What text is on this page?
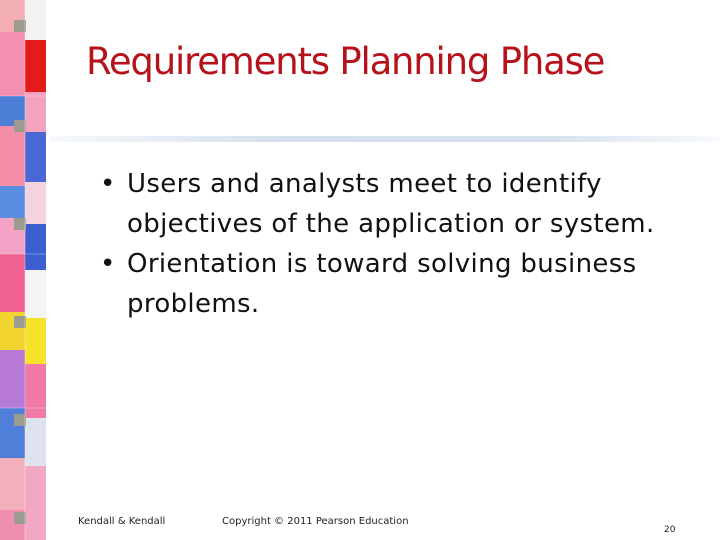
Requirements Planning Phase
• Users and analysts meet to identify objectives of the application or system.
• Orientation is toward solving business problems.
Kendall & Kendall	Copyright © 2011 Pearson Education
20
